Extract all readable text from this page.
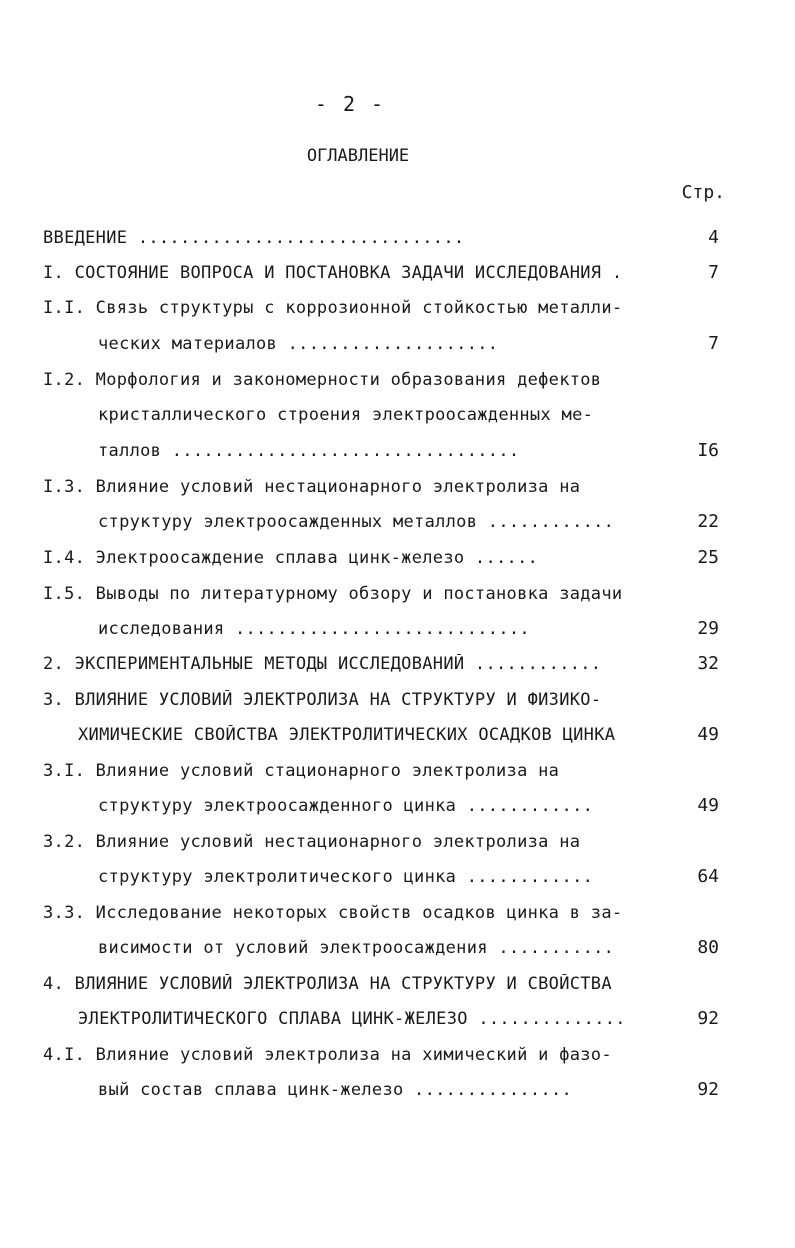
- 2 -
ОГЛАВЛЕНИЕ
Стр.
ВВЕДЕНИЕ ...............................	4
I. СОСТОЯНИЕ ВОПРОСА И ПОСТАНОВКА ЗАДАЧИ ИССЛЕДОВАНИЯ .	7
I.I. Связь структуры с коррозионной стойкостью металли-
ческих материалов ....................	7
I.2. Морфология и закономерности образования дефектов
кристаллического строения электроосажденных ме-
таллов .................................	I6
I.3. Влияние условий нестационарного электролиза на
структуру электроосажденных металлов ............	22
I.4. Электроосаждение сплава цинк-железо ......	25
I.5. Выводы по литературному обзору и постановка задачи
исследования ............................	29
2. ЭКСПЕРИМЕНТАЛЬНЫЕ МЕТОДЫ ИССЛЕДОВАНИЙ ............	32
3. ВЛИЯНИЕ УСЛОВИЙ ЭЛЕКТРОЛИЗА НА СТРУКТУРУ И ФИЗИКО-
ХИМИЧЕСКИЕ СВОЙСТВА ЭЛЕКТРОЛИТИЧЕСКИХ ОСАДКОВ ЦИНКА	49
3.I. Влияние условий стационарного электролиза на
структуру электроосажденного цинка ............	49
3.2. Влияние условий нестационарного электролиза на
структуру электролитического цинка ............	64
3.3. Исследование некоторых свойств осадков цинка в за-
висимости от условий электроосаждения ...........	80
4. ВЛИЯНИЕ УСЛОВИЙ ЭЛЕКТРОЛИЗА НА СТРУКТУРУ И СВОЙСТВА
ЭЛЕКТРОЛИТИЧЕСКОГО СПЛАВА ЦИНК-ЖЕЛЕЗО ..............	92
4.I. Влияние условий электролиза на химический и фазо-
вый состав сплава цинк-железо ...............	92
